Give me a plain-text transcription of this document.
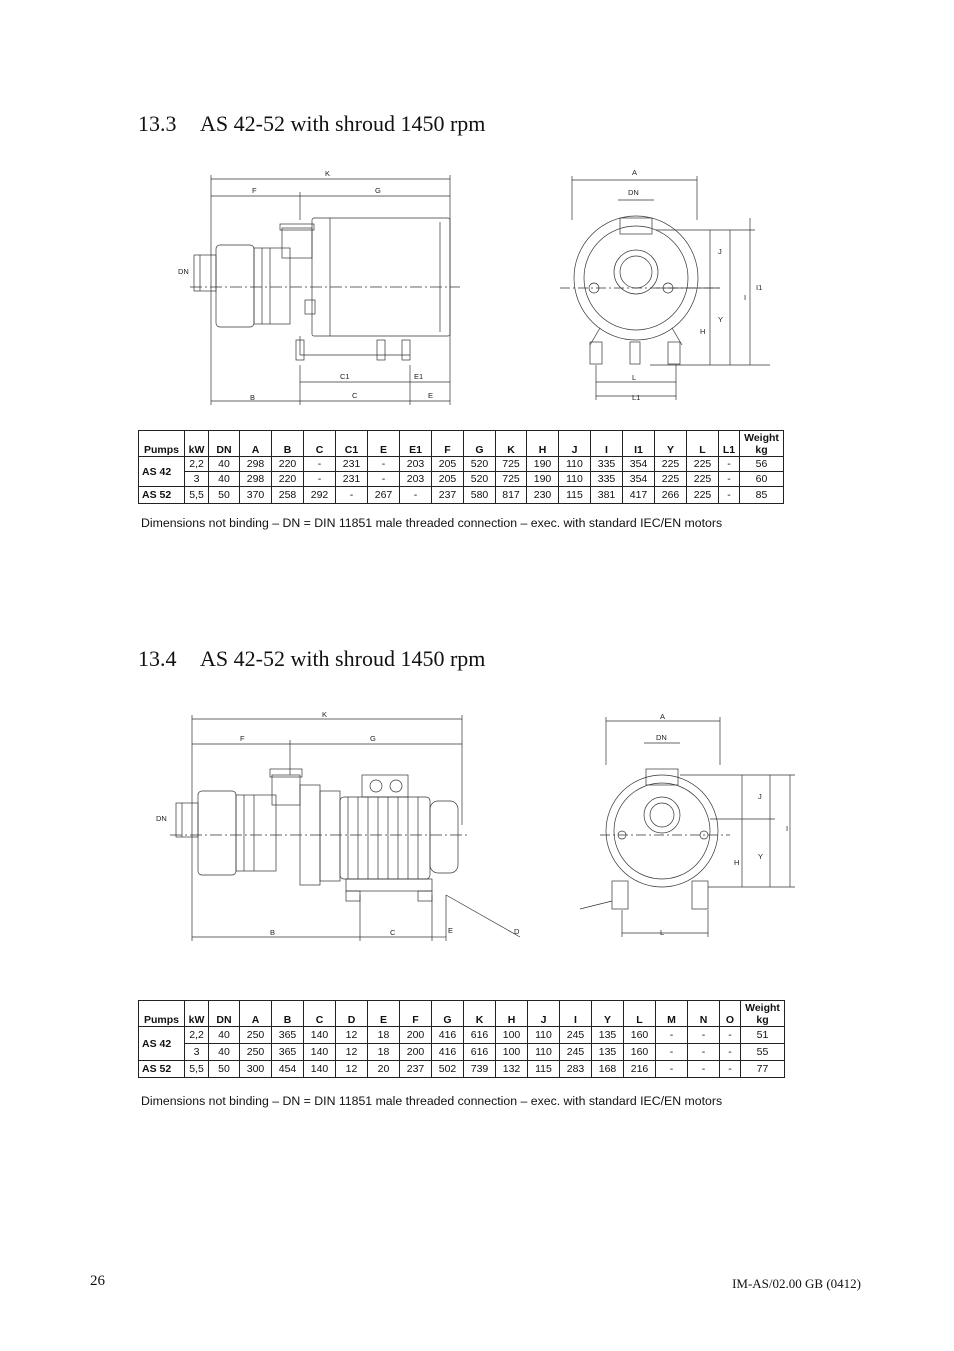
13.3 AS 42-52 with shroud 1450 rpm
K
F	G
DN
C1	E1
B	C	E
A
DN
J
I
I1
Y
H
L
L1
Pumps	kW	DN	A	B	C	C1	E	E1	F	G	K	H	J	I	I1	Y	L	L1	Weight kg
AS 42	2,2	40	298	220	-	231	-	203	205	520	725	190	110	335	354	225	225	-	56
	3	40	298	220	-	231	-	203	205	520	725	190	110	335	354	225	225	-	60
AS 52	5,5	50	370	258	292	-	267	-	237	580	817	230	115	381	417	266	225	-	85
Dimensions not binding – DN = DIN 11851 male threaded connection – exec. with standard IEC/EN motors
13.4 AS 42-52 with shroud 1450 rpm
K
F	G
DN
B	C	E	D
A
DN
J
I
Y
H
L
Pumps	kW	DN	A	B	C	D	E	F	G	K	H	J	I	Y	L	M	N	O	Weight kg
AS 42	2,2	40	250	365	140	12	18	200	416	616	100	110	245	135	160	-	-	-	51
	3	40	250	365	140	12	18	200	416	616	100	110	245	135	160	-	-	-	55
AS 52	5,5	50	300	454	140	12	20	237	502	739	132	115	283	168	216	-	-	-	77
Dimensions not binding – DN = DIN 11851 male threaded connection – exec. with standard IEC/EN motors
26	IM-AS/02.00 GB (0412)
